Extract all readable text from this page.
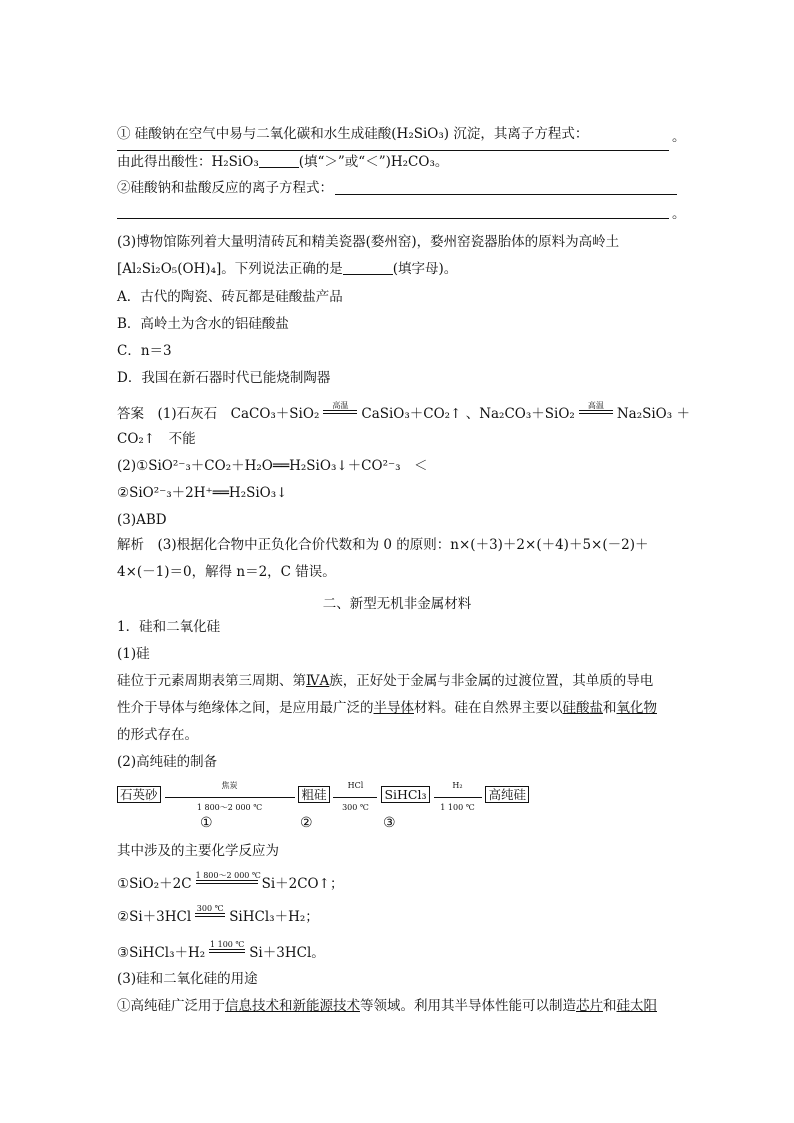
① 硅酸钠在空气中易与二氧化碳和水生成硅酸(H₂SiO₃) 沉淀，其离子方程式：	。
由此得出酸性：H₂SiO₃	(填“＞”或“＜”)H₂CO₃。
②硅酸钠和盐酸反应的离子方程式：
。
(3)博物馆陈列着大量明清砖瓦和精美瓷器(婺州窑)，婺州窑瓷器胎体的原料为高岭土
[Al₂Si₂O₅(OH)₄]。下列说法正确的是	(填字母)。
A．古代的陶瓷、砖瓦都是硅酸盐产品
B．高岭土为含水的铝硅酸盐
C．n＝3
D．我国在新石器时代已能烧制陶器
答案　 (1)石灰石　CaCO₃＋SiO₂
高温
CaSiO₃＋CO₂↑ 、Na₂CO₃＋SiO₂
高温
Na₂SiO₃ ＋
CO₂↑　不能
(2)①SiO²⁻₃＋CO₂＋H₂O══H₂SiO₃↓＋CO²⁻₃　＜
②SiO²⁻₃＋2H⁺══H₂SiO₃↓
(3)ABD
解析　 (3)根据化合物中正负化合价代数和为 0 的原则：n×(＋3)＋2×(＋4)＋5×(－2)＋
4×(－1)＝0，解得 n＝2，C 错误。
二、新型无机非金属材料
1．硅和二氧化硅
(1)硅
硅位于元素周期表第三周期、第ⅣA族，正好处于金属与非金属的过渡位置，其单质的导电
性介于导体与绝缘体之间，是应用最广泛的半导体材料。硅在自然界主要以硅酸盐和氧化物
的形式存在。
(2)高纯硅的制备
石英砂
焦炭
1 800～2 000 ℃
粗硅
HCl
300 ℃
SiHCl₃ $\frac{\text{H₂}}{1 100 ℃}$ 高纯硅
①	②	③
其中涉及的主要化学反应为
①SiO₂＋2C
1 800～2 000 ℃
Si＋2CO↑；
②Si＋3HCl
300 ℃
SiHCl₃＋H₂；
③SiHCl₃＋H₂
1 100 ℃
Si＋3HCl。
(3)硅和二氧化硅的用途
①高纯硅广泛用于信息技术和新能源技术等领域。利用其半导体性能可以制造芯片和硅太阳
